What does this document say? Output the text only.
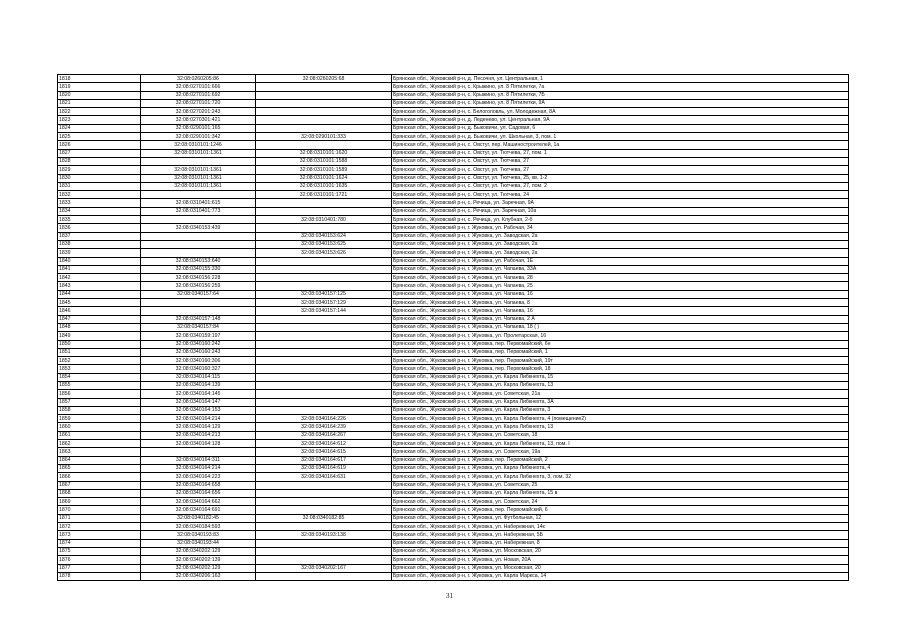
1818	32:08:0260205:86	32:08:0260205:68	Брянская обл., Жуковский р-н, д. Песочня, ул. Центральная, 1
1819	32:08:0270101:666		Брянская обл., Жуковский р-н, с. Крыжино, ул. 8 Пятилетки, 7а
1820	32:08:0270101:692		Брянская обл., Жуковский р-н, с. Крыжино, ул. 8 Пятилетки, 7Б
1821	32:08:0270101:720		Брянская обл., Жуковский р-н, с. Крыжино, ул. 8 Пятилетки, 9А
1822	32:08:0270201:243		Брянская обл., Жуковский р-н, с. Белоголовль, ул. Молодежная, 8А
1823	32:08:0270301:421		Брянская обл., Жуковский р-н, д. Леденево, ул. Центральная, 9А
1824	32:08:0290101:165		Брянская обл., Жуковский р-н, д. Быковичи, ул. Садовая, 6
1825	32:08:0290101:342	32:08:0290101:333	Брянская обл., Жуковский р-н, д. Быковичи, ул. Школьная, 3, пом. 1
1826	32:08:0310101:1246		Брянская обл., Жуковский р-н, с. Овстуг, пер. Машиностроителей, 1а
1827	32:08:0310101:1361	32:08:0310101:1620	Брянская обл., Жуковский р-н, с. Овстуг, ул. Тютчева, 27, пом. 1
1828		32:08:0310101:1588	Брянская обл., Жуковский р-н, с. Овстуг, ул. Тютчева, 27
1829	32:08:0310101:1361	32:08:0310101:1589	Брянская обл., Жуковский р-н, с. Овстуг, ул. Тютчева, 27
1830	32:08:0310101:1361	32:08:0310101:1624	Брянская обл., Жуковский р-н, с. Овстуг, ул. Тютчева, 25, кв. 1-2
1831	32:08:0310101:1361	32:08:0310101:1635	Брянская обл., Жуковский р-н, с. Овстуг, ул. Тютчева, 27, пом. 2
1832		32:08:0310101:1721	Брянская обл., Жуковский р-н, с. Овстуг, ул. Тютчева, 24
1833	32:08:0310401:615		Брянская обл., Жуковский р-н, с. Речица, ул. Заречная, 9А
1834	32:08:0310401:773		Брянская обл., Жуковский р-н, с. Речица, ул. Заречная, 10а
1835		32:08:0310401:780	Брянская обл., Жуковский р-н, с. Речица, ул. Клубная, 2-б
1836	32:08:0340153:439		Брянская обл., Жуковский р-н, г. Жуковка, ул. Рабочая, 34
1837		32:08:0340153:624	Брянская обл., Жуковский р-н, г. Жуковка, ул. Заводская, 2а
1838		32:08:0340153:625	Брянская обл., Жуковский р-н, г. Жуковка, ул. Заводская, 2а
1839		32:08:0340153:626	Брянская обл., Жуковский р-н, г. Жуковка, ул. Заводская, 2а
1840	32:08:0340153:640		Брянская обл., Жуковский р-н, г. Жуковка, ул. Рабочая, 1Е
1841	32:08:0340155:330		Брянская обл., Жуковский р-н, г. Жуковка, ул. Чапаева, 33А
1842	32:08:0340156:228		Брянская обл., Жуковский р-н, г. Жуковка, ул. Чапаева, 28
1843	32:08:0340156:259		Брянская обл., Жуковский р-н, г. Жуковка, ул. Чапаева, 25
1844	32:08:0340157:64	32:08:0340157:125	Брянская обл., Жуковский р-н, г. Жуковка, ул. Чапаева, 16
1845		32:08:0340157:129	Брянская обл., Жуковский р-н, г. Жуковка, ул. Чапаева, 8
1846		32:08:0340157:144	Брянская обл., Жуковский р-н, г. Жуковка, ул. Чапаева, 16
1847	32:08:0340157:148		Брянская обл., Жуковский р-н, г. Жуковка, ул. Чапаева, 2 А
1848	32:08:0340157:84		Брянская обл., Жуковский р-н, г. Жуковка, ул. Чапаева, 18 ( )
1849	32:08:0340159:197		Брянская обл., Жуковский р-н, г. Жуковка, ул. Пролетарская, 16
1850	32:08:0340160:242		Брянская обл., Жуковский р-н, г. Жуковка, пер. Первомайский, 6н
1851	32:08:0340160:243		Брянская обл., Жуковский р-н, г. Жуковка, пер. Первомайский, 1
1852	32:08:0340160:306		Брянская обл., Жуковский р-н, г. Жуковка, пер. Первомайский, 19т
1853	32:08:0340160:327		Брянская обл., Жуковский р-н, г. Жуковка, пер. Первомайский, 18
1854	32:08:0340164:115		Брянская обл., Жуковский р-н, г. Жуковка, ул. Карла Либкнехта, 15
1855	32:08:0340164:139		Брянская обл., Жуковский р-н, г. Жуковка, ул. Карла Либкнехта, 13
1856	32:08:0340164:145		Брянская обл., Жуковский р-н, г. Жуковка, ул. Советская, 21а
1857	32:08:0340164:147		Брянская обл., Жуковский р-н, г. Жуковка, ул. Карла Либкнехта, 3А
1858	32:08:0340164:153		Брянская обл., Жуковский р-н, г. Жуковка, ул. Карла Либкнехта, 3
1859	32:08:0340164:214	32:08:0340164:226	Брянская обл., Жуковский р-н, г. Жуковка, ул. Карла Либкнехта, 4 (помещение2)
1860	32:08:0340164:129	32:08:0340164:239	Брянская обл., Жуковский р-н, г. Жуковка, ул. Карла Либкнехта, 13
1861	32:08:0340164:213	32:08:0340164:267	Брянская обл., Жуковский р-н, г. Жуковка, ул. Советская, 18
1862	32:08:0340164:128	32:08:0340164:612	Брянская обл., Жуковский р-н, г. Жуковка, ул. Карла Либкнехта, 13, пом. I
1863		32:08:0340164:615	Брянская обл., Жуковский р-н, г. Жуковка, ул. Советская, 19а
1864	32:08:0340164:311	32:08:0340164:617	Брянская обл., Жуковский р-н, г. Жуковка, пер. Первомайский, 2
1865	32:08:0340164:214	32:08:0340164:619	Брянская обл., Жуковский р-н, г. Жуковка, ул. Карла Либкнехта, 4
1866	32:08:0340164:223	32:08:0340164:631	Брянская обл., Жуковский р-н, г. Жуковка, ул. Карла Либкнехта, 3, пом. 32
1867	32:08:0340164:658		Брянская обл., Жуковский р-н, г. Жуковка, ул. Советская, 25
1868	32:08:0340164:656		Брянская обл., Жуковский р-н, г. Жуковка, ул. Карла Либкнехта, 15 в
1869	32:08:0340164:662		Брянская обл., Жуковский р-н, г. Жуковка, ул. Советская, 24
1870	32:08:0340164:691		Брянская обл., Жуковский р-н, г. Жуковка, пер. Первомайский, 6
1871	32:08:0340182:45	32:08:0340182:85	Брянская обл., Жуковский р-н, г. Жуковка, ул. Футбольная, 12
1872	32:08:0340184:593		Брянская обл., Жуковский р-н, г. Жуковка, ул. Набережная, 14к
1873	32:08:0340193:83	32:08:0340193:138	Брянская обл., Жуковский р-н, г. Жуковка, ул. Набережная, 5Б
1874	32:08:0340193:44		Брянская обл., Жуковский р-н, г. Жуковка, ул. Набережная, 8
1875	32:08:0340202:129		Брянская обл., Жуковский р-н, г. Жуковка, ул. Московская, 20
1876	32:08:0340202:139		Брянская обл., Жуковский р-н, г. Жуковка, ул. Новая, 20А
1877	32:08:0340202:129	32:08:0340202:167	Брянская обл., Жуковский р-н, г. Жуковка, ул. Московская, 20
1878	32:08:0340206:163		Брянская обл., Жуковский р-н, г. Жуковка, ул. Карла Маркса, 14
31
